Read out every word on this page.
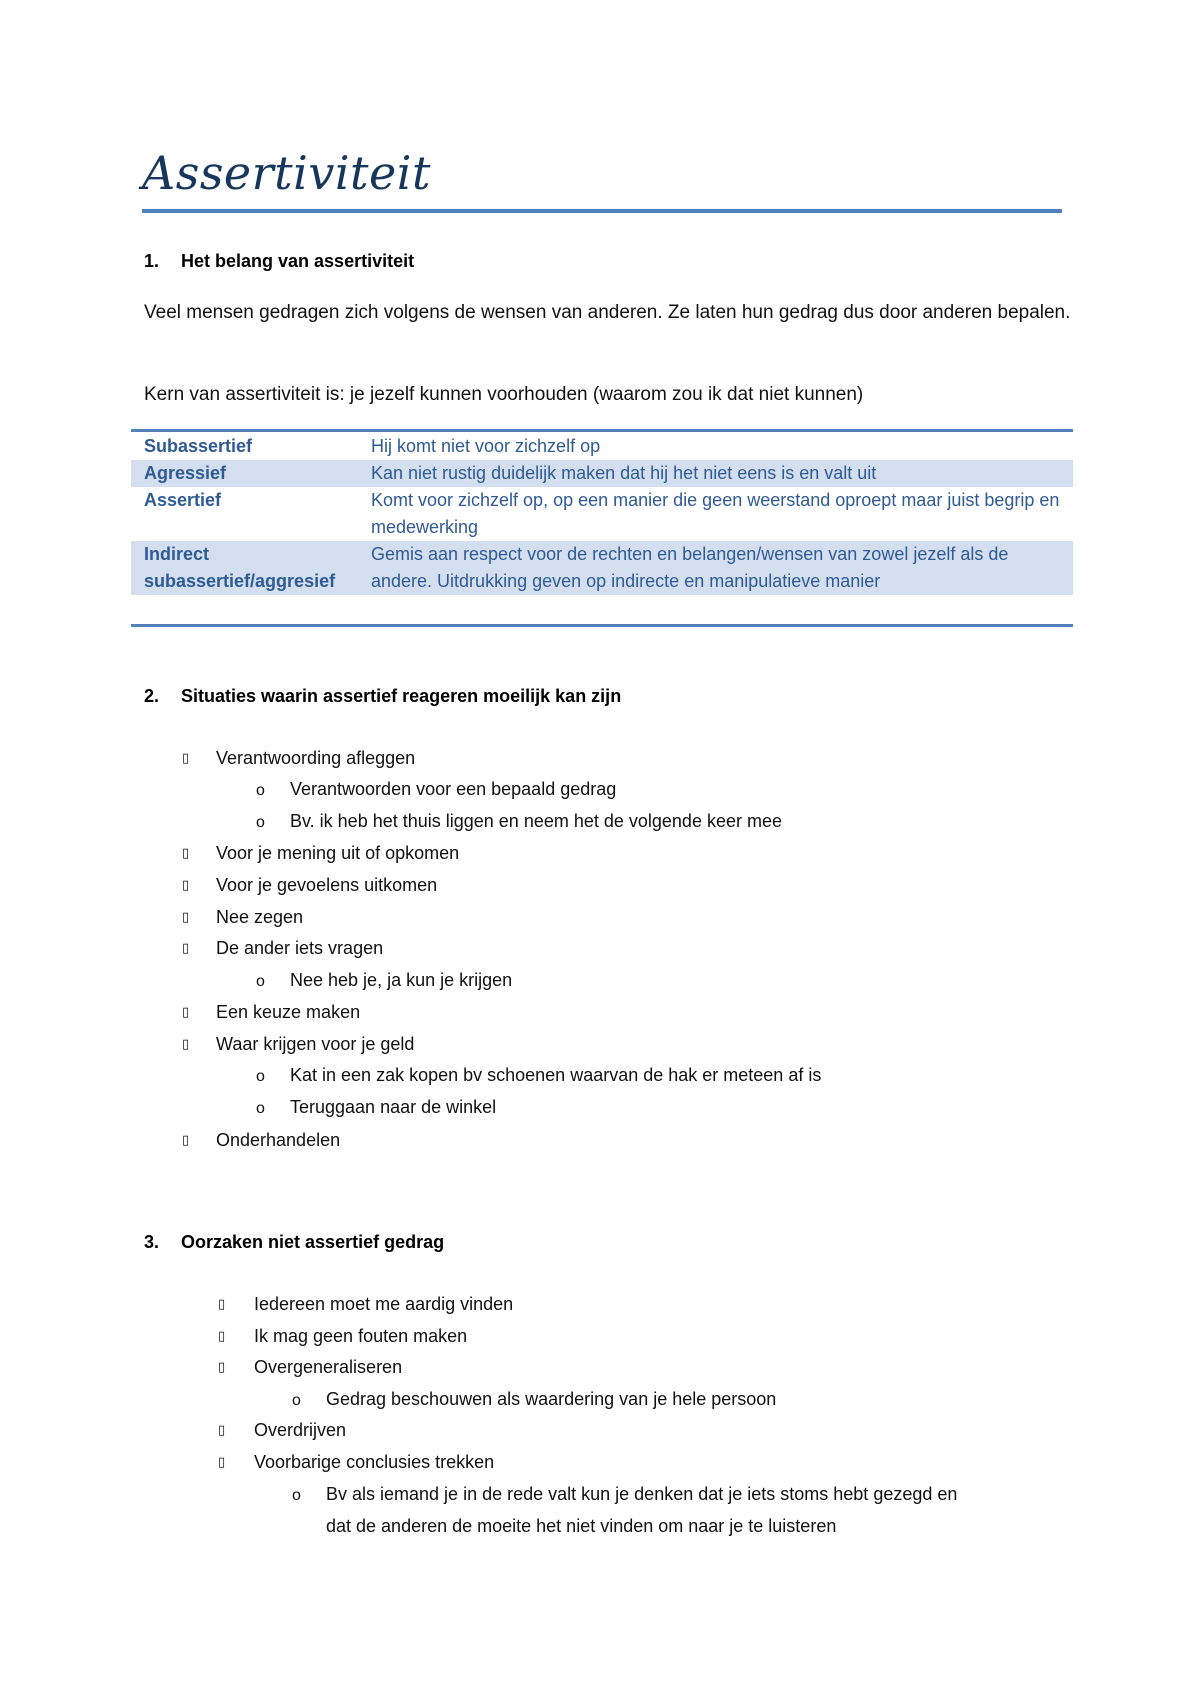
Assertiviteit

1. Het belang van assertiviteit

Veel mensen gedragen zich volgens de wensen van anderen. Ze laten hun gedrag dus door anderen bepalen.

Kern van assertiviteit is: je jezelf kunnen voorhouden (waarom zou ik dat niet kunnen)

Subassertief	Hij komt niet voor zichzelf op
Agressief	Kan niet rustig duidelijk maken dat hij het niet eens is en valt uit
Assertief	Komt voor zichzelf op, op een manier die geen weerstand oproept maar juist begrip en medewerking
Indirect subassertief/aggresief	Gemis aan respect voor de rechten en belangen/wensen van zowel jezelf als de andere. Uitdrukking geven op indirecte en manipulatieve manier

2. Situaties waarin assertief reageren moeilijk kan zijn

▯ Verantwoording afleggen

o Verantwoorden voor een bepaald gedrag

o Bv. ik heb het thuis liggen en neem het de volgende keer mee

▯ Voor je mening uit of opkomen

▯ Voor je gevoelens uitkomen

▯ Nee zegen

▯ De ander iets vragen

o Nee heb je, ja kun je krijgen

▯ Een keuze maken

▯ Waar krijgen voor je geld

o Kat in een zak kopen bv schoenen waarvan de hak er meteen af is

o Teruggaan naar de winkel

▯ Onderhandelen

3. Oorzaken niet assertief gedrag

▯ Iedereen moet me aardig vinden

▯ Ik mag geen fouten maken

▯ Overgeneraliseren

o Gedrag beschouwen als waardering van je hele persoon

▯ Overdrijven

▯ Voorbarige conclusies trekken

o Bv als iemand je in de rede valt kun je denken dat je iets stoms hebt gezegd en

dat de anderen de moeite het niet vinden om naar je te luisteren
